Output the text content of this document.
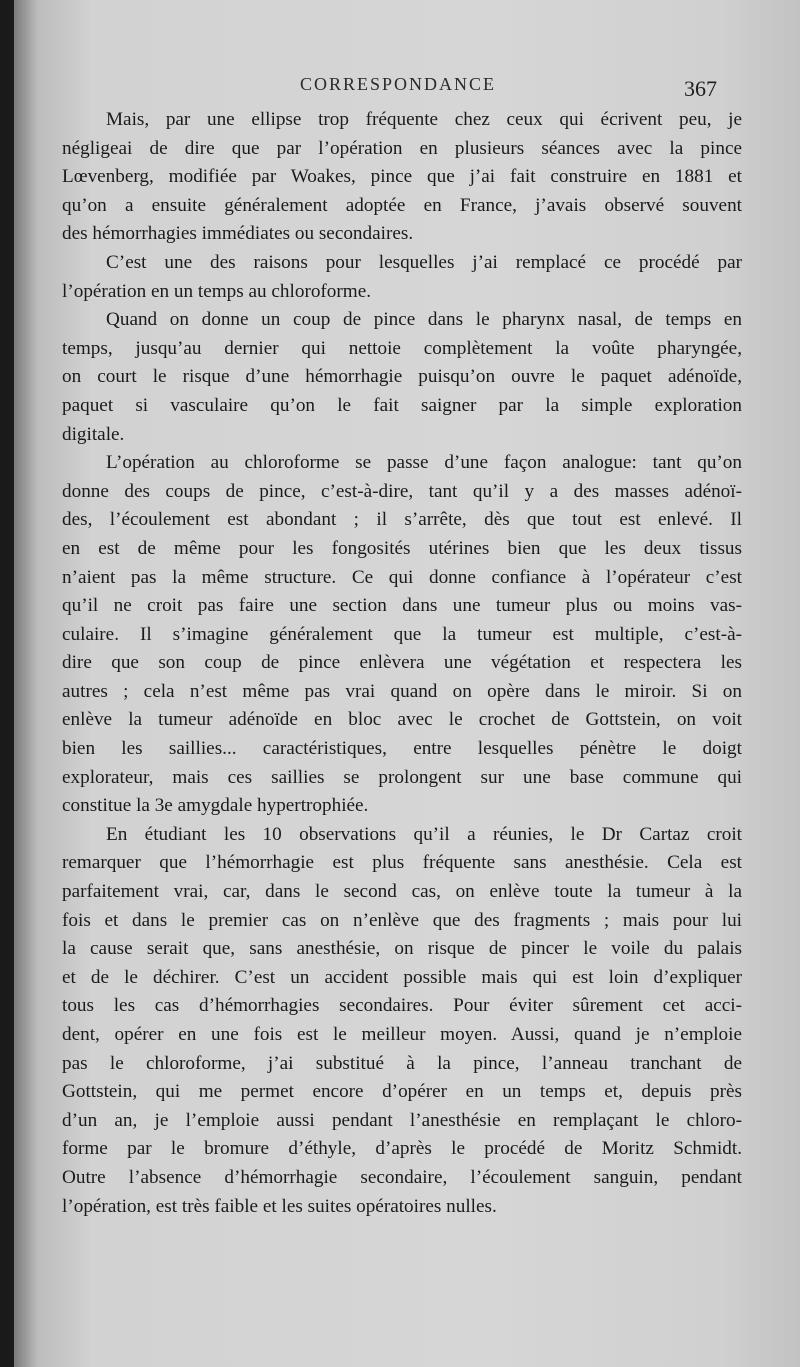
CORRESPONDANCE	367

Mais, par une ellipse trop fréquente chez ceux qui écrivent peu, je
négligeai de dire que par l’opération en plusieurs séances avec la pince
Lœvenberg, modifiée par Woakes, pince que j’ai fait construire en 1881 et
qu’on a ensuite généralement adoptée en France, j’avais observé souvent
des hémorrhagies immédiates ou secondaires.

C’est une des raisons pour lesquelles j’ai remplacé ce procédé par
l’opération en un temps au chloroforme.

Quand on donne un coup de pince dans le pharynx nasal, de temps en
temps, jusqu’au dernier qui nettoie complètement la voûte pharyngée,
on court le risque d’une hémorrhagie puisqu’on ouvre le paquet adénoïde,
paquet si vasculaire qu’on le fait saigner par la simple exploration
digitale.

L’opération au chloroforme se passe d’une façon analogue: tant qu’on
donne des coups de pince, c’est-à-dire, tant qu’il y a des masses adénoï-
des, l’écoulement est abondant ; il s’arrête, dès que tout est enlevé. Il
en est de même pour les fongosités utérines bien que les deux tissus
n’aient pas la même structure. Ce qui donne confiance à l’opérateur c’est
qu’il ne croit pas faire une section dans une tumeur plus ou moins vas-
culaire. Il s’imagine généralement que la tumeur est multiple, c’est-à-
dire que son coup de pince enlèvera une végétation et respectera les
autres ; cela n’est même pas vrai quand on opère dans le miroir. Si on
enlève la tumeur adénoïde en bloc avec le crochet de Gottstein, on voit
bien les saillies... caractéristiques, entre lesquelles pénètre le doigt
explorateur, mais ces saillies se prolongent sur une base commune qui
constitue la 3e amygdale hypertrophiée.

En étudiant les 10 observations qu’il a réunies, le Dr Cartaz croit
remarquer que l’hémorrhagie est plus fréquente sans anesthésie. Cela est
parfaitement vrai, car, dans le second cas, on enlève toute la tumeur à la
fois et dans le premier cas on n’enlève que des fragments ; mais pour lui
la cause serait que, sans anesthésie, on risque de pincer le voile du palais
et de le déchirer. C’est un accident possible mais qui est loin d’expliquer
tous les cas d’hémorrhagies secondaires. Pour éviter sûrement cet acci-
dent, opérer en une fois est le meilleur moyen. Aussi, quand je n’emploie
pas le chloroforme, j’ai substitué à la pince, l’anneau tranchant de
Gottstein, qui me permet encore d’opérer en un temps et, depuis près
d’un an, je l’emploie aussi pendant l’anesthésie en remplaçant le chloro-
forme par le bromure d’éthyle, d’après le procédé de Moritz Schmidt.
Outre l’absence d’hémorrhagie secondaire, l’écoulement sanguin, pendant
l’opération, est très faible et les suites opératoires nulles.
